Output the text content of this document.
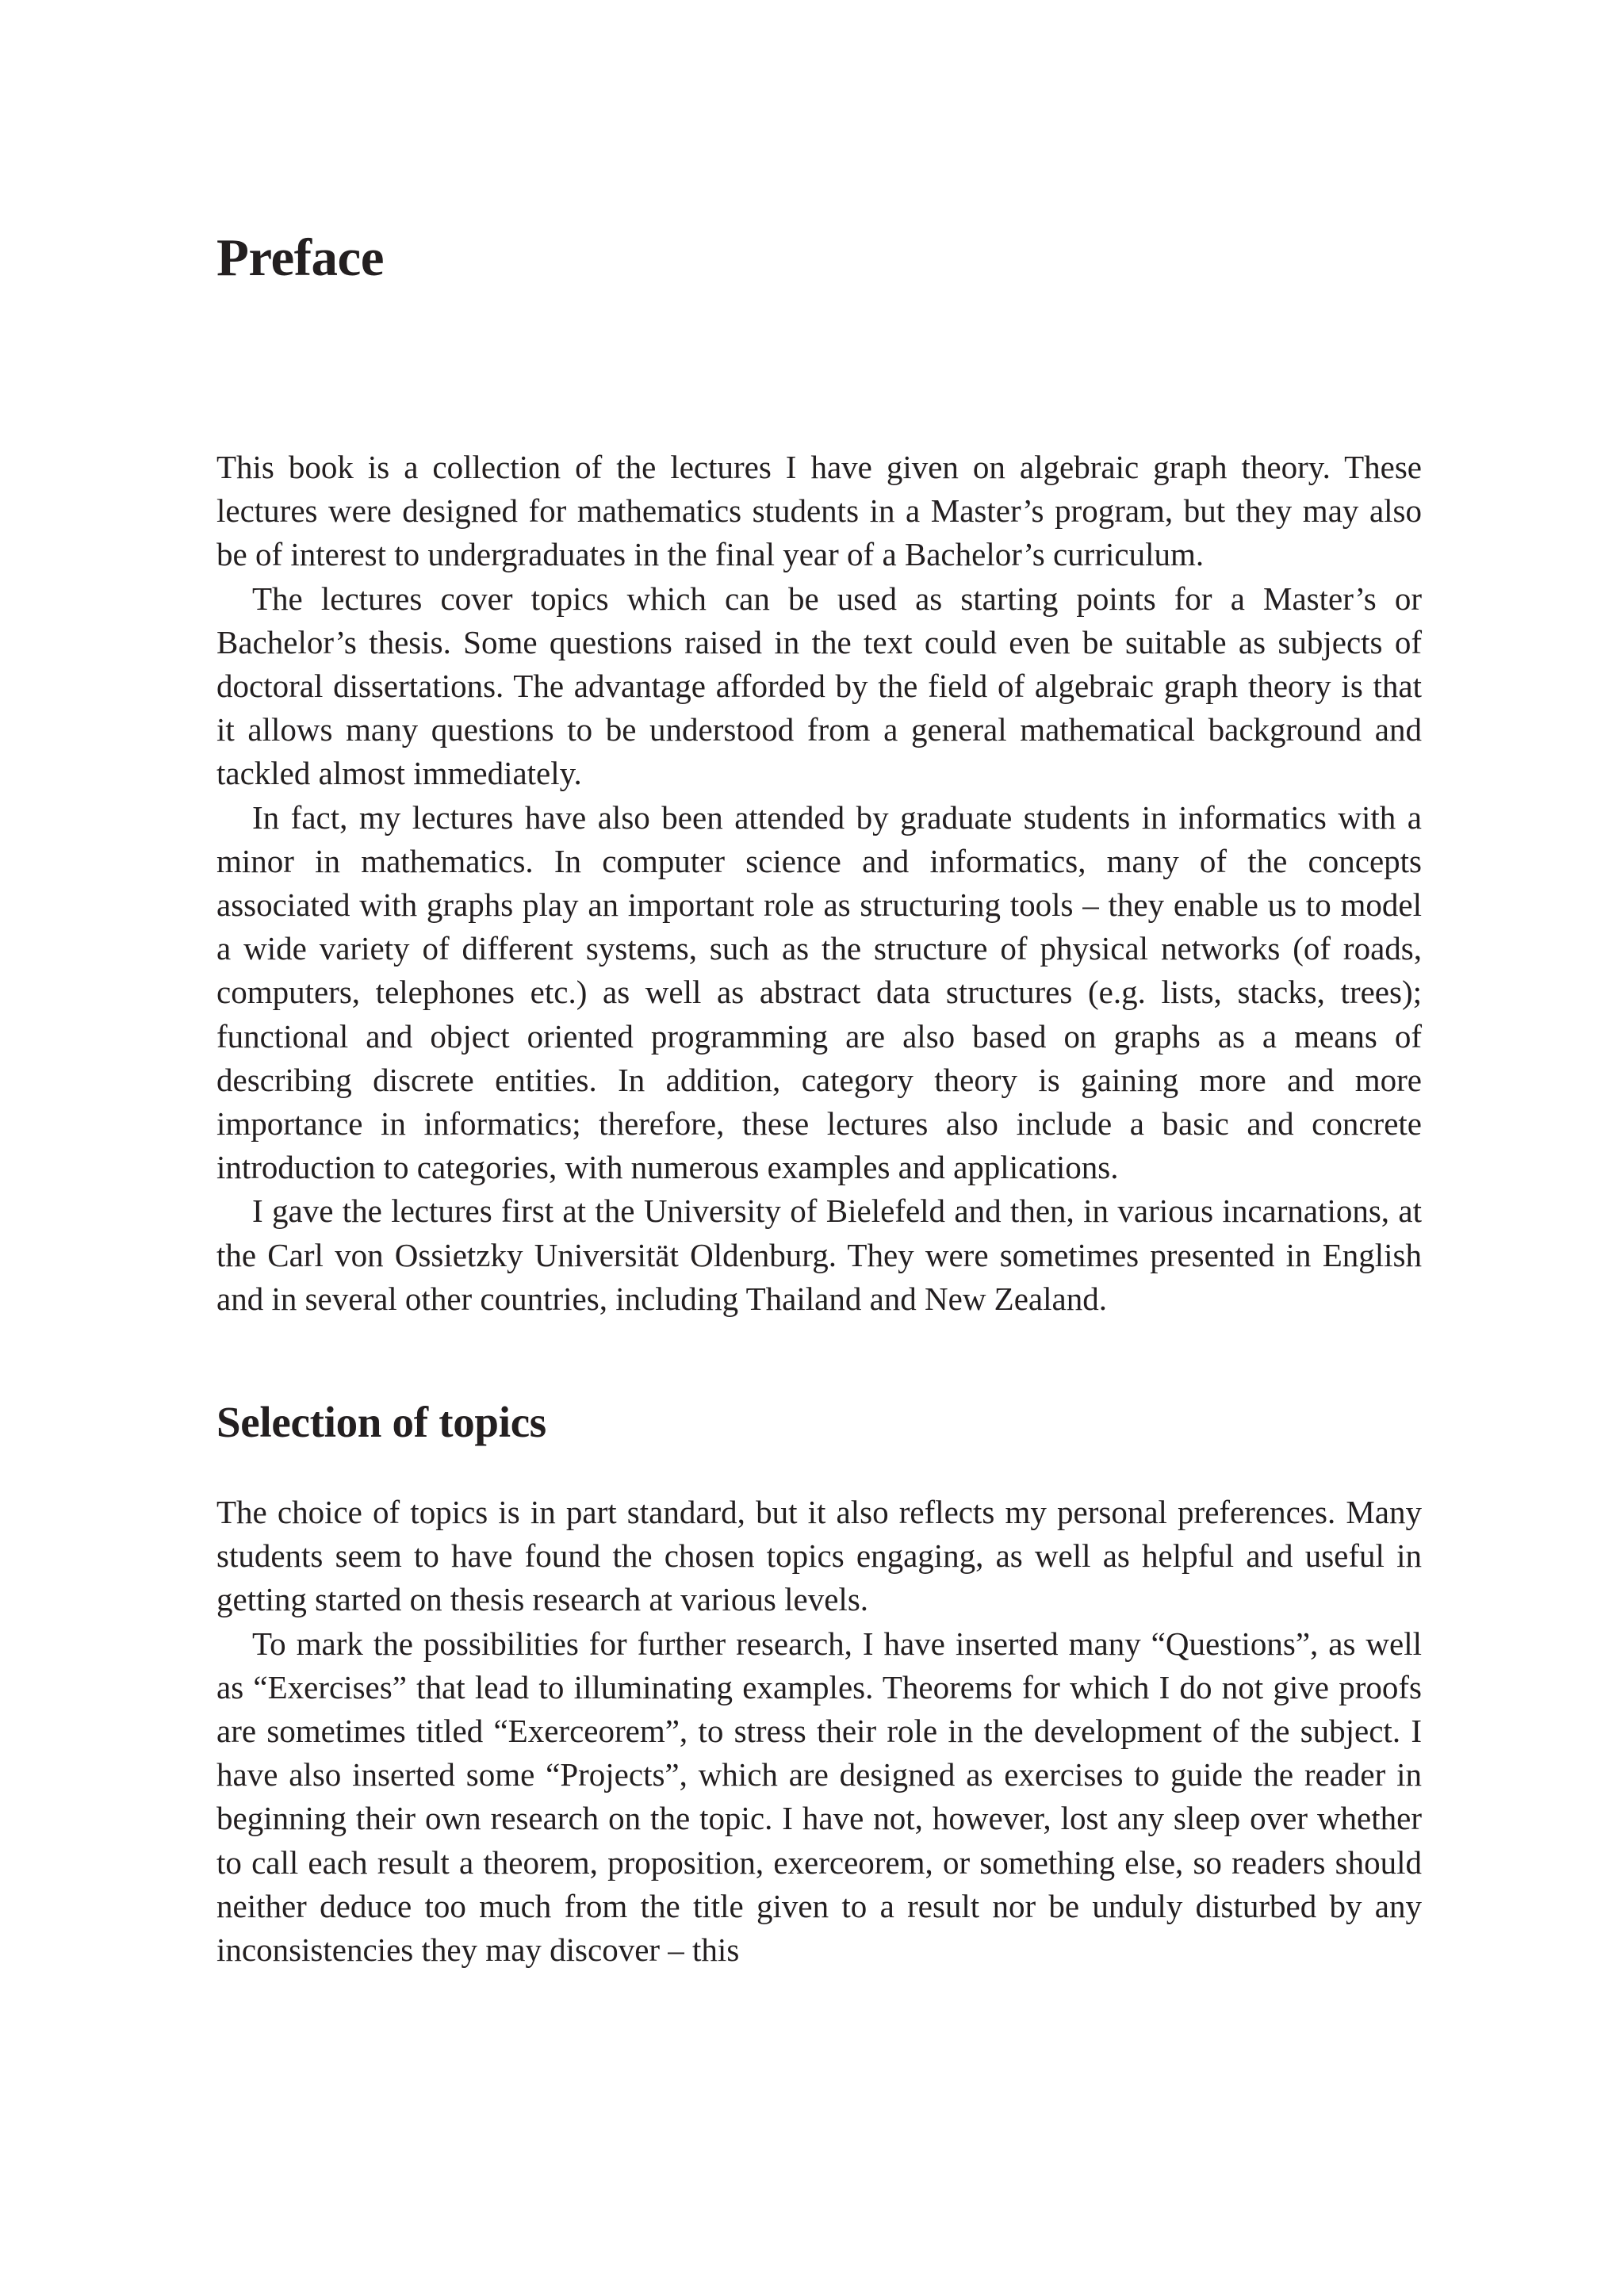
Preface

This book is a collection of the lectures I have given on algebraic graph theory. These lectures were designed for mathematics students in a Master’s program, but they may also be of interest to undergraduates in the final year of a Bachelor’s curriculum.

The lectures cover topics which can be used as starting points for a Master’s or Bachelor’s thesis. Some questions raised in the text could even be suitable as subjects of doctoral dissertations. The advantage afforded by the field of algebraic graph theory is that it allows many questions to be understood from a general mathematical background and tackled almost immediately.

In fact, my lectures have also been attended by graduate students in informatics with a minor in mathematics. In computer science and informatics, many of the concepts associated with graphs play an important role as structuring tools – they enable us to model a wide variety of different systems, such as the structure of physical networks (of roads, computers, telephones etc.) as well as abstract data structures (e.g. lists, stacks, trees); functional and object oriented programming are also based on graphs as a means of describing discrete entities. In addition, category theory is gaining more and more importance in informatics; therefore, these lectures also include a basic and concrete introduction to categories, with numerous examples and applications.

I gave the lectures first at the University of Bielefeld and then, in various incarnations, at the Carl von Ossietzky Universität Oldenburg. They were sometimes presented in English and in several other countries, including Thailand and New Zealand.

Selection of topics

The choice of topics is in part standard, but it also reflects my personal preferences. Many students seem to have found the chosen topics engaging, as well as helpful and useful in getting started on thesis research at various levels.

To mark the possibilities for further research, I have inserted many “Questions”, as well as “Exercises” that lead to illuminating examples. Theorems for which I do not give proofs are sometimes titled “Exerceorem”, to stress their role in the development of the subject. I have also inserted some “Projects”, which are designed as exercises to guide the reader in beginning their own research on the topic. I have not, however, lost any sleep over whether to call each result a theorem, proposition, exerceorem, or something else, so readers should neither deduce too much from the title given to a result nor be unduly disturbed by any inconsistencies they may discover – this
